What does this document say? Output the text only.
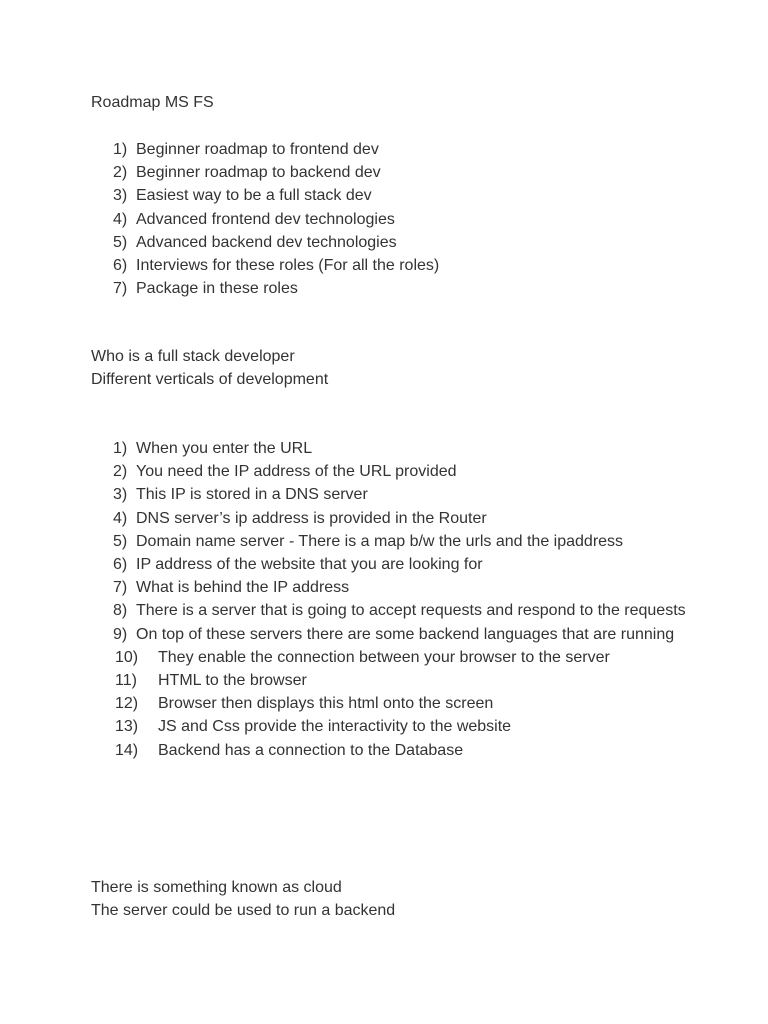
Roadmap MS FS
1) Beginner roadmap to frontend dev
2) Beginner roadmap to backend dev
3) Easiest way to be a full stack dev
4) Advanced frontend dev technologies
5) Advanced backend dev technologies
6) Interviews for these roles (For all the roles)
7) Package in these roles
Who is a full stack developer
Different verticals of development
1) When you enter the URL
2) You need the IP address of the URL provided
3) This IP is stored in a DNS server
4) DNS server’s ip address is provided in the Router
5) Domain name server - There is a map b/w the urls and the ipaddress
6) IP address of the website that you are looking for
7) What is behind the IP address
8) There is a server that is going to accept requests and respond to the requests
9) On top of these servers there are some backend languages that are running
10) They enable the connection between your browser to the server
11) HTML to the browser
12) Browser then displays this html onto the screen
13) JS and Css provide the interactivity to the website
14) Backend has a connection to the Database
There is something known as cloud
The server could be used to run a backend
